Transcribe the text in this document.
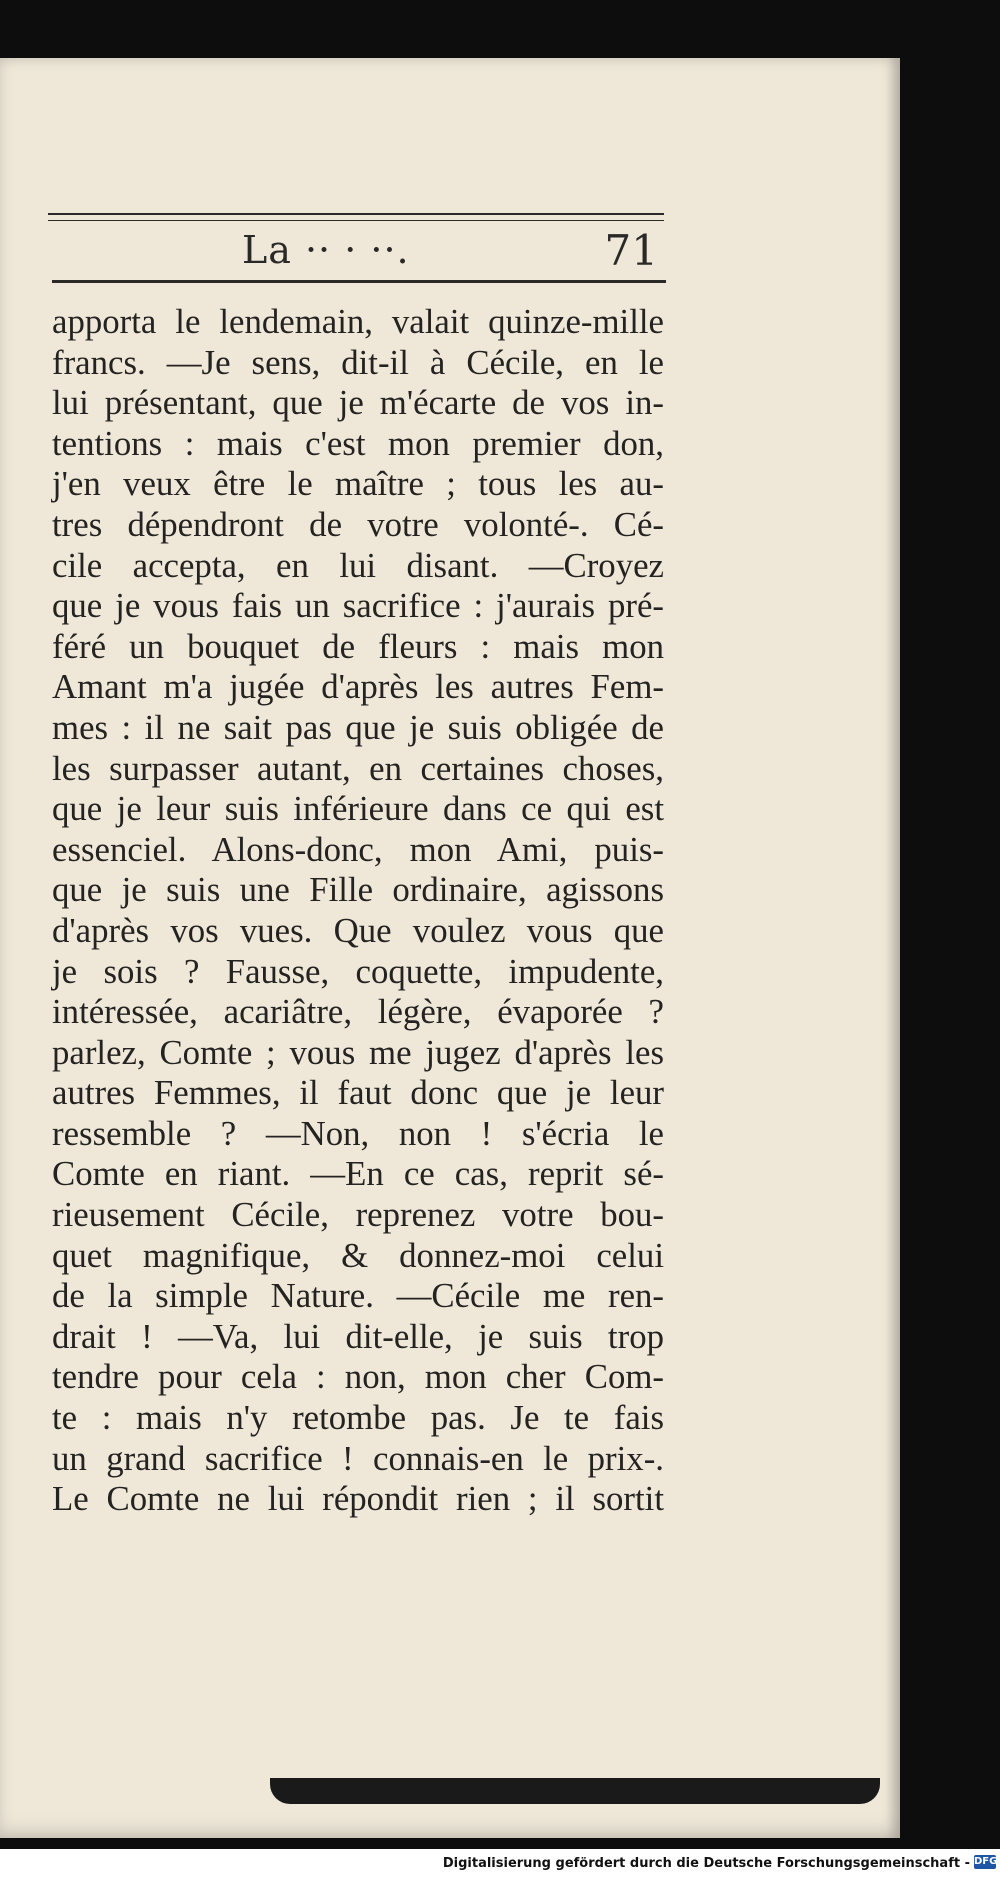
La ·· · ··.	71
apporta le lendemain, valait quinze-mille
francs. —Je sens, dit-il à Cécile, en le
lui présentant, que je m'écarte de vos in-
tentions : mais c'est mon premier don,
j'en veux être le maître ; tous les au-
tres dépendront de votre volonté-. Cé-
cile accepta, en lui disant. —Croyez
que je vous fais un sacrifice : j'aurais pré-
féré un bouquet de fleurs : mais mon
Amant m'a jugée d'après les autres Fem-
mes : il ne sait pas que je suis obligée de
les surpasser autant, en certaines choses,
que je leur suis inférieure dans ce qui est
essenciel. Alons-donc, mon Ami, puis-
que je suis une Fille ordinaire, agissons
d'après vos vues. Que voulez vous que
je sois ? Fausse, coquette, impudente,
intéressée, acariâtre, légère, évaporée ?
parlez, Comte ; vous me jugez d'après les
autres Femmes, il faut donc que je leur
ressemble ? —Non, non ! s'écria le
Comte en riant. —En ce cas, reprit sé-
rieusement Cécile, reprenez votre bou-
quet magnifique, & donnez-moi celui
de la simple Nature. —Cécile me ren-
drait ! —Va, lui dit-elle, je suis trop
tendre pour cela : non, mon cher Com-
te : mais n'y retombe pas. Je te fais
un grand sacrifice ! connais-en le prix-.
Le Comte ne lui répondit rien ; il sortit
Digitalisierung gefördert durch die Deutsche Forschungsgemeinschaft - DFG
